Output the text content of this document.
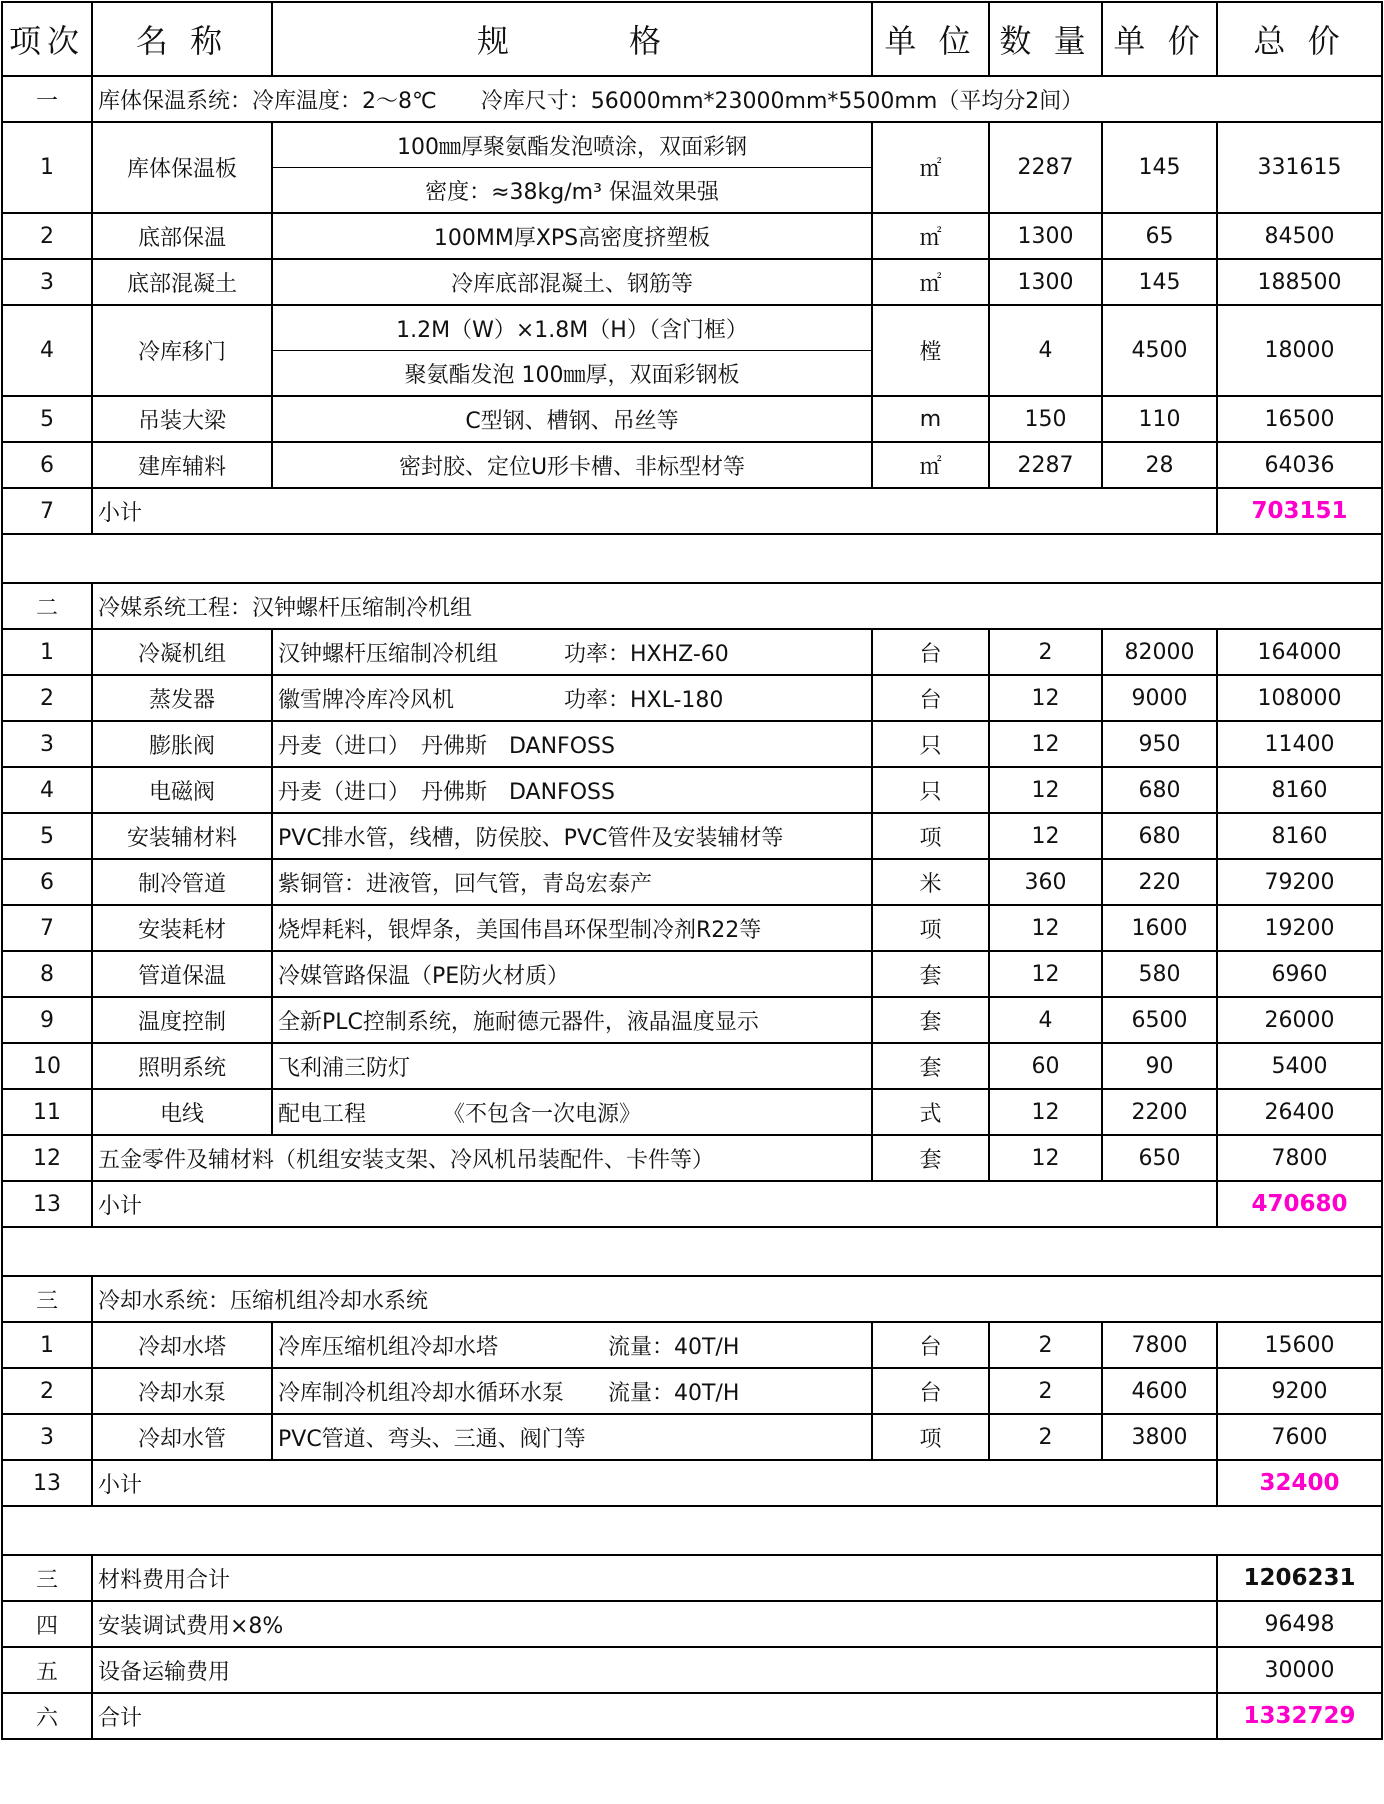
项次	名 称	规　　　格	单 位	数 量	单 价	总 价
一	库体保温系统：冷库温度：2～8℃　　冷库尺寸：56000mm*23000mm*5500mm（平均分2间）					
1	库体保温板	100㎜厚聚氨酯发泡喷涂，双面彩钢	㎡	2287	145	331615
		密度：≈38kg/m³ 保温效果强				
2	底部保温	100MM厚XPS高密度挤塑板	㎡	1300	65	84500
3	底部混凝土	冷库底部混凝土、钢筋等	㎡	1300	145	188500
4	冷库移门	1.2M（W）×1.8M（H）（含门框）	樘	4	4500	18000
		聚氨酯发泡 100㎜厚，双面彩钢板				
5	吊装大梁	C型钢、槽钢、吊丝等	m	150	110	16500
6	建库辅料	密封胶、定位U形卡槽、非标型材等	㎡	2287	28	64036
7	小计					703151

二	冷媒系统工程：汉钟螺杆压缩制冷机组					
1	冷凝机组	汉钟螺杆压缩制冷机组　　　功率：HXHZ-60	台	2	82000	164000
2	蒸发器	徽雪牌冷库冷风机　　　　　功率：HXL-180	台	12	9000	108000
3	膨胀阀	丹麦（进口）　丹佛斯　DANFOSS	只	12	950	11400
4	电磁阀	丹麦（进口）　丹佛斯　DANFOSS	只	12	680	8160
5	安装辅材料	PVC排水管，线槽，防侯胶、PVC管件及安装辅材等	项	12	680	8160
6	制冷管道	紫铜管：进液管，回气管，青岛宏泰产	米	360	220	79200
7	安装耗材	烧焊耗料，银焊条，美国伟昌环保型制冷剂R22等	项	12	1600	19200
8	管道保温	冷媒管路保温（PE防火材质）	套	12	580	6960
9	温度控制	全新PLC控制系统，施耐德元器件，液晶温度显示	套	4	6500	26000
10	照明系统	飞利浦三防灯	套	60	90	5400
11	电线	配电工程　　　　《不包含一次电源》	式	12	2200	26400
12	五金零件及辅材料（机组安装支架、冷风机吊装配件、卡件等）		套	12	650	7800
13	小计					470680

三	冷却水系统：压缩机组冷却水系统					
1	冷却水塔	冷库压缩机组冷却水塔　　　　　流量：40T/H	台	2	7800	15600
2	冷却水泵	冷库制冷机组冷却水循环水泵　　流量：40T/H	台	2	4600	9200
3	冷却水管	PVC管道、弯头、三通、阀门等	项	2	3800	7600
13	小计					32400

三	材料费用合计					1206231
四	安装调试费用×8%					96498
五	设备运输费用					30000
六	合计					1332729
